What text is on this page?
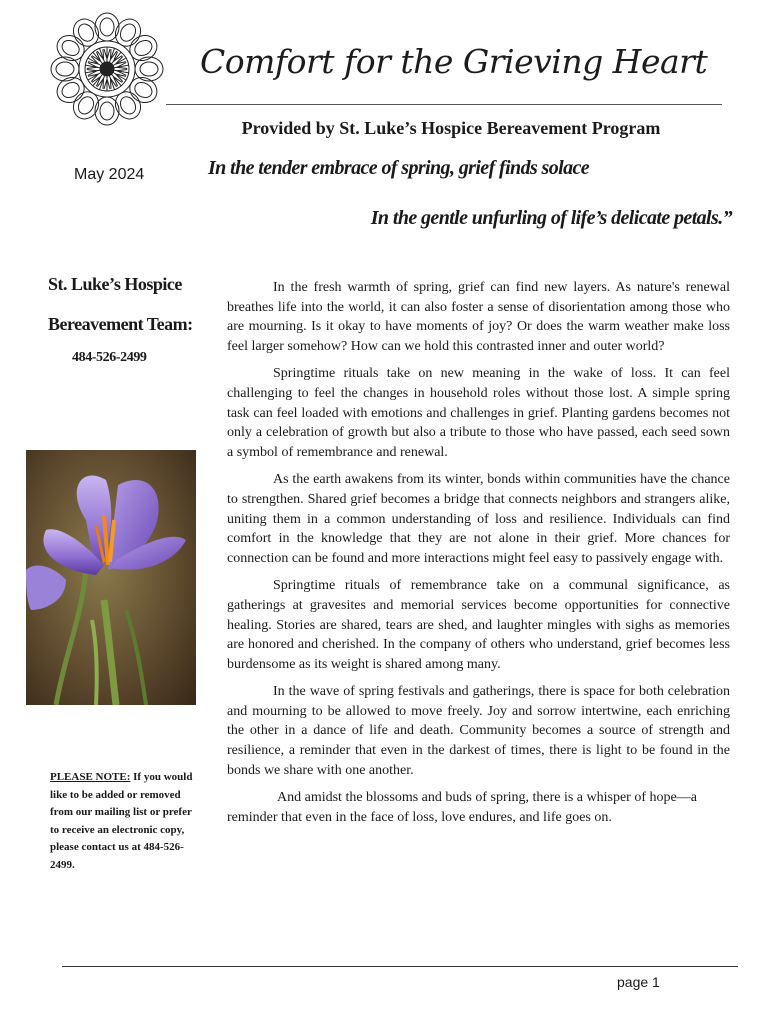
Comfort for the Grieving Heart
Provided by St. Luke’s Hospice Bereavement Program
May 2024	In the tender embrace of spring, grief finds solace
In the gentle unfurling of life’s delicate petals.”
St. Luke’s Hospice
Bereavement Team:
484-526-2499
PLEASE NOTE: If you would like to be added or removed from our mailing list or prefer to receive an electronic copy, please contact us at 484-526-2499.

In the fresh warmth of spring, grief can find new layers. As nature's renewal breathes life into the world, it can also foster a sense of disorientation among those who are mourning. Is it okay to have moments of joy? Or does the warm weather make loss feel larger somehow? How can we hold this contrasted inner and outer world?

Springtime rituals take on new meaning in the wake of loss. It can feel challenging to feel the changes in household roles without those lost. A simple spring task can feel loaded with emotions and challenges in grief. Planting gardens becomes not only a celebration of growth but also a tribute to those who have passed, each seed sown a symbol of remembrance and renewal.

As the earth awakens from its winter, bonds within communities have the chance to strengthen. Shared grief becomes a bridge that connects neighbors and strangers alike, uniting them in a common understanding of loss and resilience. Individuals can find comfort in the knowledge that they are not alone in their grief. More chances for connection can be found and more interactions might feel easy to passively engage with.

Springtime rituals of remembrance take on a communal significance, as gatherings at gravesites and memorial services become opportunities for connective healing. Stories are shared, tears are shed, and laughter mingles with sighs as memories are honored and cherished. In the company of others who understand, grief becomes less burdensome as its weight is shared among many.

In the wave of spring festivals and gatherings, there is space for both celebration and mourning to be allowed to move freely. Joy and sorrow intertwine, each enriching the other in a dance of life and death. Community becomes a source of strength and resilience, a reminder that even in the darkest of times, there is light to be found in the bonds we share with one another.

And amidst the blossoms and buds of spring, there is a whisper of hope—a reminder that even in the face of loss, love endures, and life goes on.

page 1
